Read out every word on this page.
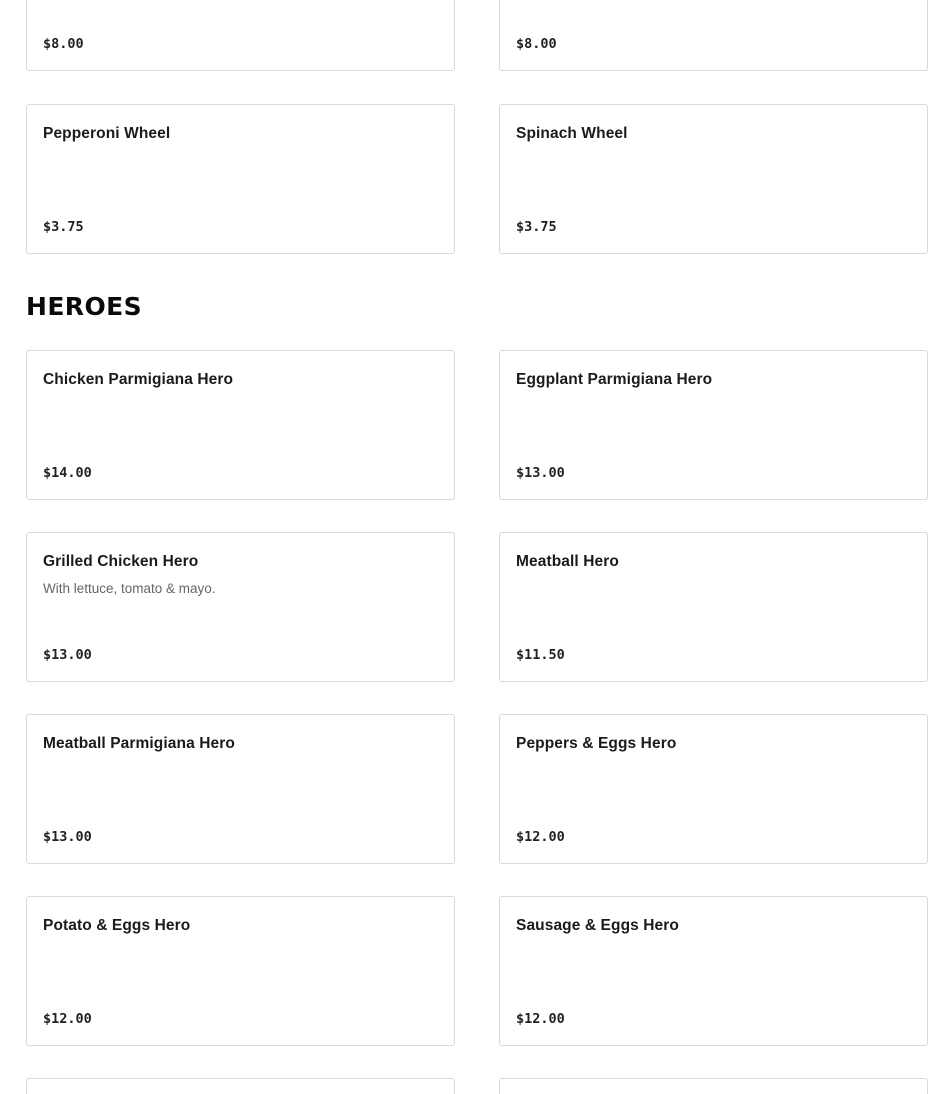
$8.00	$8.00
Pepperoni Wheel
$3.75
Spinach Wheel
$3.75
HEROES
Chicken Parmigiana Hero
$14.00
Eggplant Parmigiana Hero
$13.00
Grilled Chicken Hero
With lettuce, tomato & mayo.
$13.00
Meatball Hero
$11.50
Meatball Parmigiana Hero
$13.00
Peppers & Eggs Hero
$12.00
Potato & Eggs Hero
$12.00
Sausage & Eggs Hero
$12.00
